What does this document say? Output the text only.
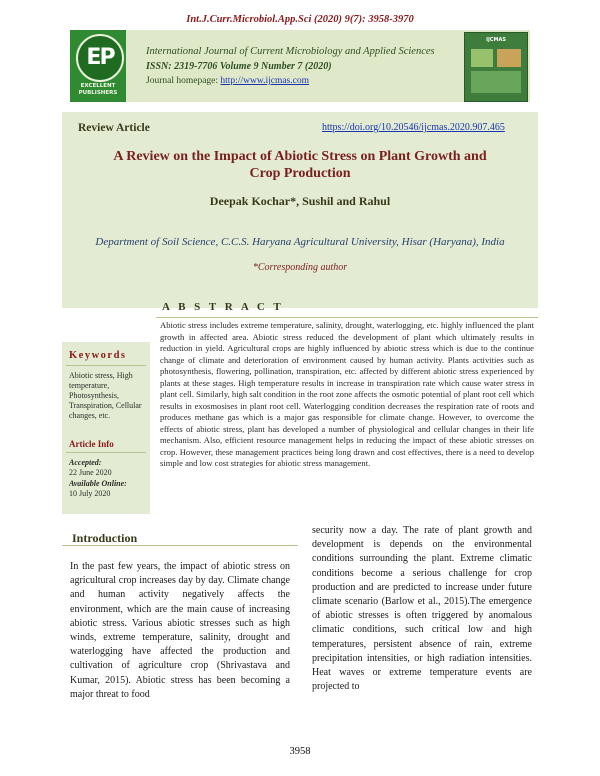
Int.J.Curr.Microbiol.App.Sci (2020) 9(7): 3958-3970
EP
EXCELLENT PUBLISHERS
International Journal of Current Microbiology and Applied Sciences
ISSN: 2319-7706 Volume 9 Number 7 (2020)
Journal homepage: http://www.ijcmas.com
IJCMAS
Review Article	https://doi.org/10.20546/ijcmas.2020.907.465
A Review on the Impact of Abiotic Stress on Plant Growth and Crop Production
Deepak Kochar*, Sushil and Rahul
Department of Soil Science, C.C.S. Haryana Agricultural University, Hisar (Haryana), India
*Corresponding author
A B S T R A C T
Abiotic stress includes extreme temperature, salinity, drought, waterlogging, etc. highly influenced the plant growth in affected area. Abiotic stress reduced the development of plant which ultimately results in reduction in yield. Agricultural crops are highly influenced by abiotic stress which is due to the continue change of climate and deterioration of environment caused by human activity. Plants activities such as photosynthesis, flowering, pollination, transpiration, etc. affected by different abiotic stress experienced by plants at these stages. High temperature results in increase in transpiration rate which cause water stress in plant cell. Similarly, high salt condition in the root zone affects the osmotic potential of plant root cell which results in exosmosises in plant root cell. Waterlogging condition decreases the respiration rate of roots and produces methane gas which is a major gas responsible for climate change. However, to overcome the effects of abiotic stress, plant has developed a number of physiological and cellular changes in their life mechanism. Also, efficient resource management helps in reducing the impact of these abiotic stresses on crop. However, these management practices being long drawn and cost effectives, there is a need to develop simple and low cost strategies for abiotic stress management.
Keywords
Abiotic stress, High temperature, Photosynthesis, Transpiration, Cellular changes, etc.
Article Info
Accepted:
22 June 2020
Available Online:
10 July 2020
Introduction
In the past few years, the impact of abiotic stress on agricultural crop increases day by day. Climate change and human activity negatively affects the environment, which are the main cause of increasing abiotic stress. Various abiotic stresses such as high winds, extreme temperature, salinity, drought and waterlogging have affected the production and cultivation of agriculture crop (Shrivastava and Kumar, 2015). Abiotic stress has been becoming a major threat to food
security now a day. The rate of plant growth and development is depends on the environmental conditions surrounding the plant. Extreme climatic conditions become a serious challenge for crop production and are predicted to increase under future climate scenario (Barlow et al., 2015).The emergence of abiotic stresses is often triggered by anomalous climatic conditions, such critical low and high temperatures, persistent absence of rain, extreme precipitation intensities, or high radiation intensities. Heat waves or extreme temperature events are projected to
3958
